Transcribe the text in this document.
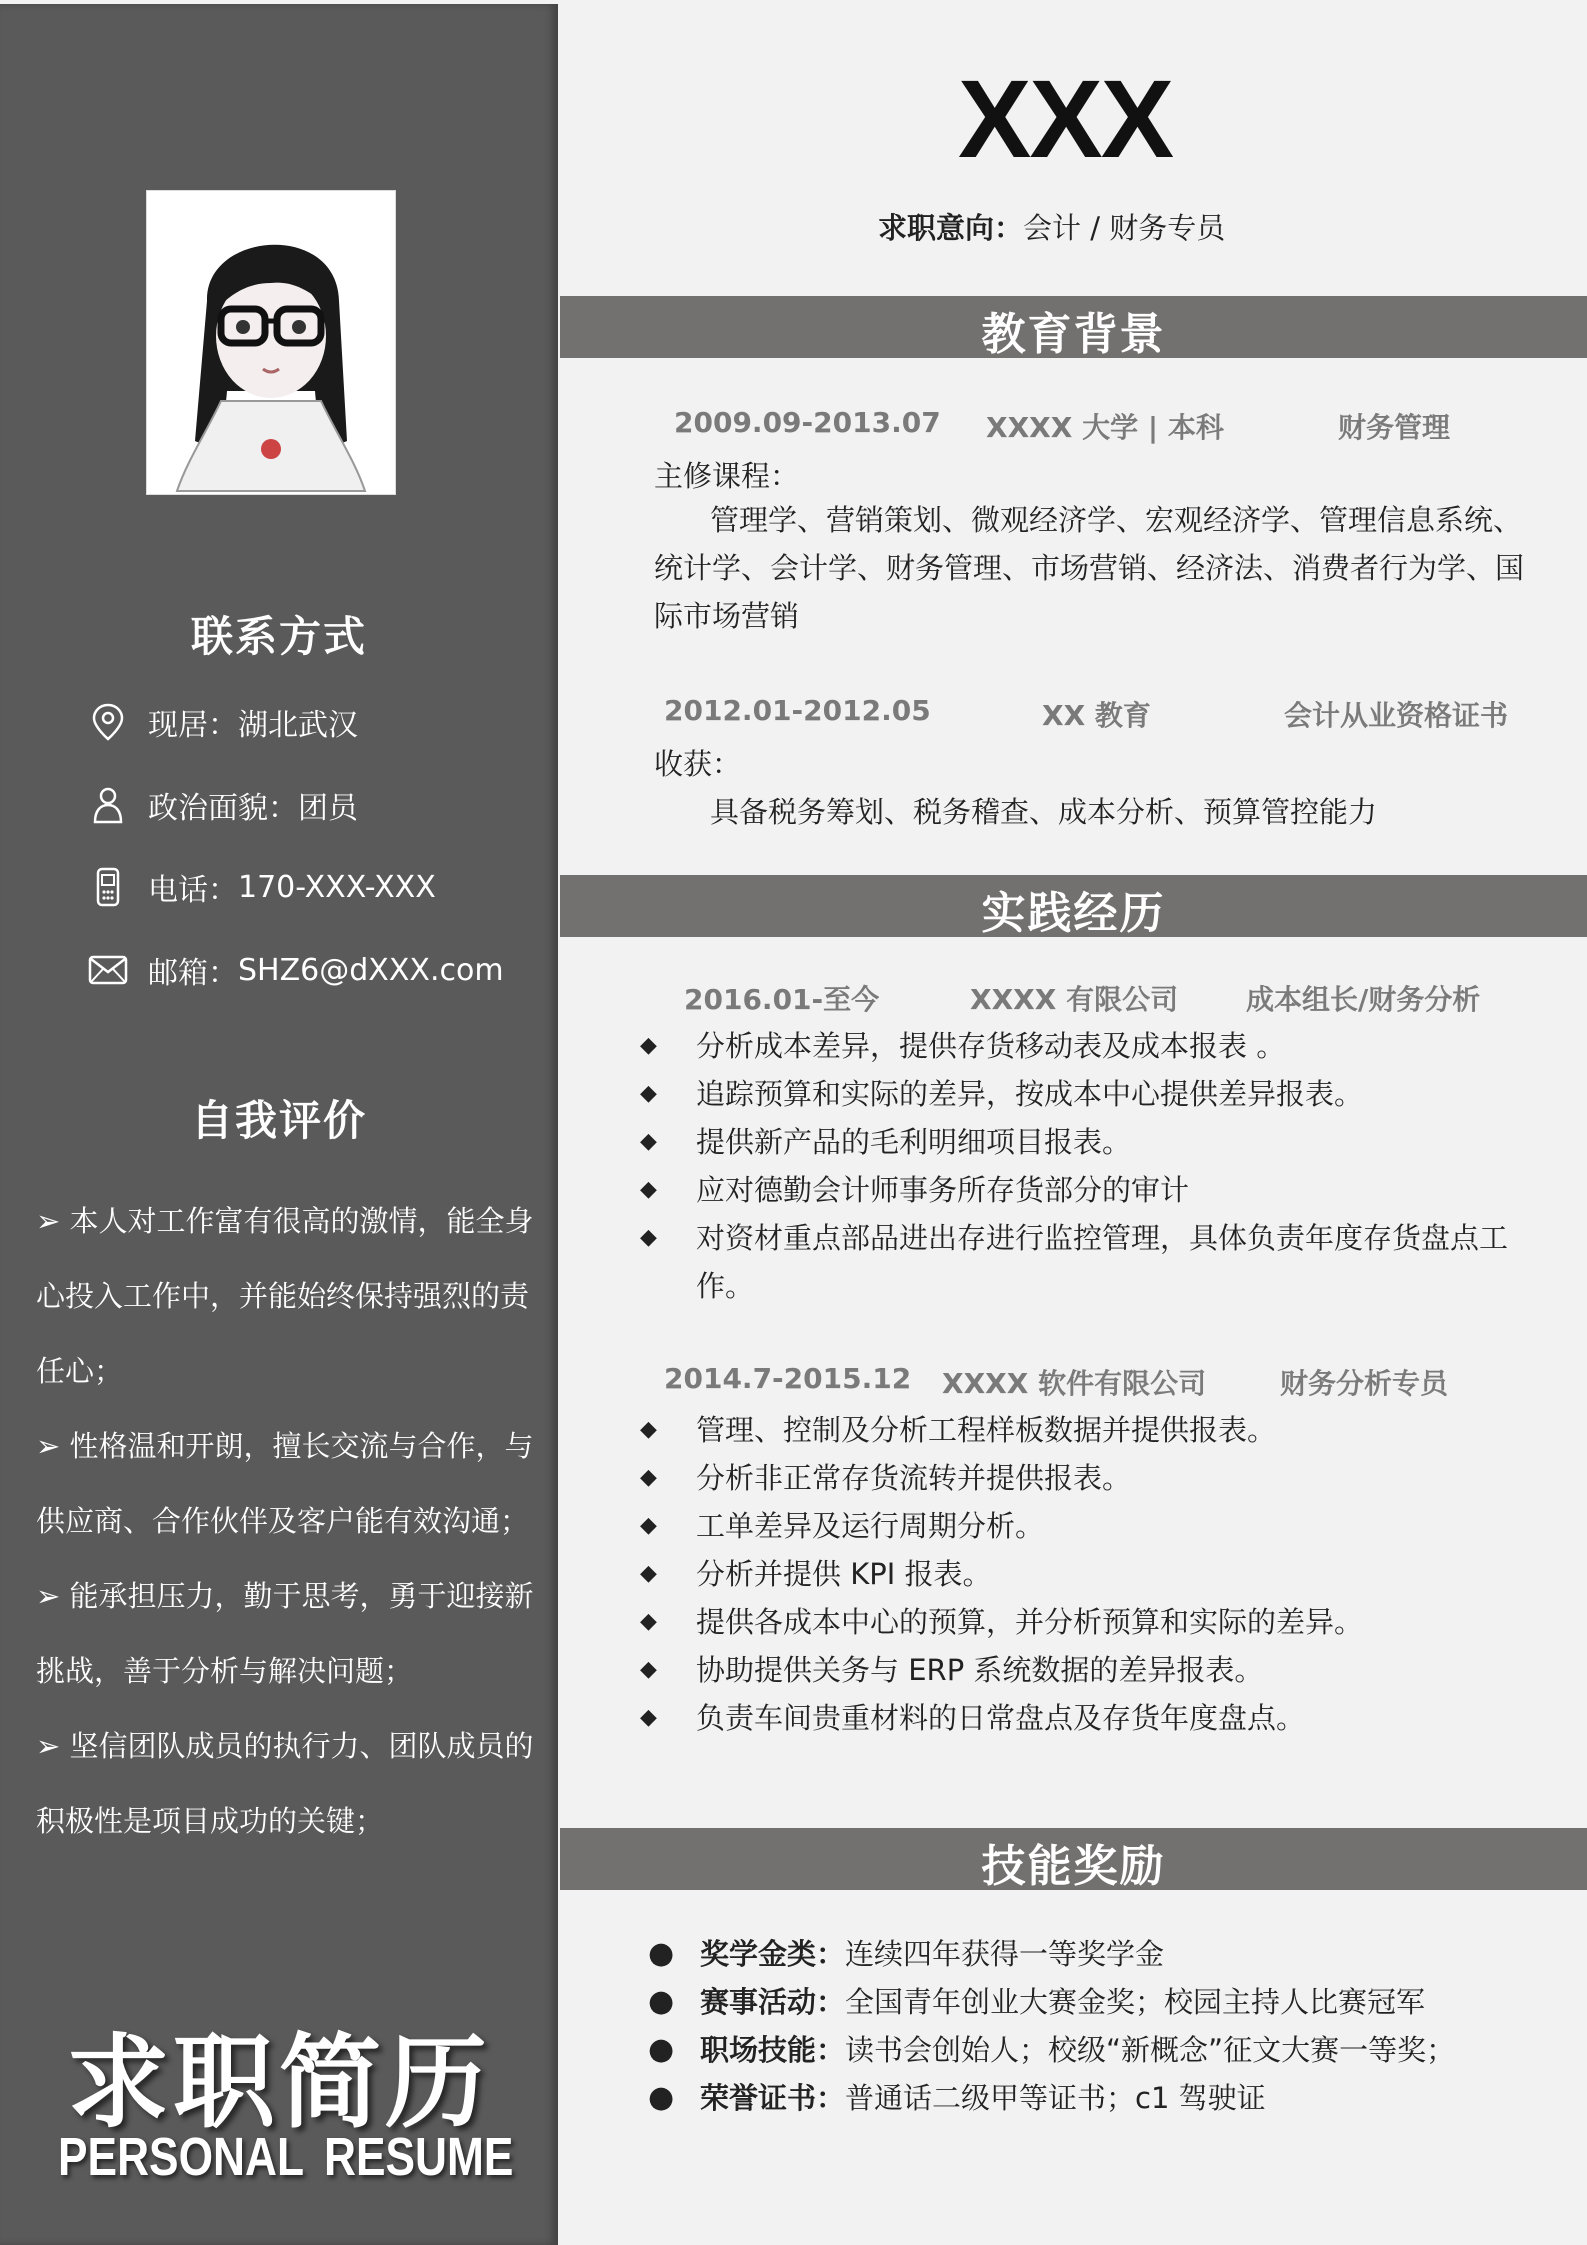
联系方式
现居： 湖北武汉
政治面貌： 团员
电话： 170-XXX-XXX
邮箱： SHZ6@dXXX.com
自我评价

➢ 本人对工作富有很高的激情，能全身心投入工作中，并能始终保持强烈的责任心；

➢ 性格温和开朗，擅长交流与合作，与供应商、合作伙伴及客户能有效沟通；

➢ 能承担压力，勤于思考，勇于迎接新挑战，善于分析与解决问题；

➢ 坚信团队成员的执行力、团队成员的积极性是项目成功的关键；

求职简历
PERSONAL RESUME
XXX
求职意向：会计 / 财务专员
教育背景
2009.09-2013.07 XXXX 大学 | 本科	财务管理
主修课程：
管理学、营销策划、微观经济学、宏观经济学、管理信息系统、统计学、会计学、财务管理、市场营销、经济法、消费者行为学、国际市场营销
2012.01-2012.05	XX 教育	会计从业资格证书
收获：
具备税务筹划、税务稽查、成本分析、预算管控能力
实践经历
2016.01-至今	XXXX 有限公司 成本组长/财务分析
◆ 分析成本差异，提供存货移动表及成本报表 。
◆ 追踪预算和实际的差异，按成本中心提供差异报表。
◆ 提供新产品的毛利明细项目报表。
◆ 应对德勤会计师事务所存货部分的审计
◆ 对资材重点部品进出存进行监控管理，具体负责年度存货盘点工作。
2014.7-2015.12 XXXX 软件有限公司	财务分析专员
◆ 管理、控制及分析工程样板数据并提供报表。
◆ 分析非正常存货流转并提供报表。
◆ 工单差异及运行周期分析。
◆ 分析并提供 KPI 报表。
◆ 提供各成本中心的预算，并分析预算和实际的差异。
◆ 协助提供关务与 ERP 系统数据的差异报表。
◆ 负责车间贵重材料的日常盘点及存货年度盘点。
技能奖励
● 奖学金类：连续四年获得一等奖学金
● 赛事活动：全国青年创业大赛金奖；校园主持人比赛冠军
● 职场技能：读书会创始人；校级“新概念”征文大赛一等奖；
● 荣誉证书：普通话二级甲等证书；c1 驾驶证
